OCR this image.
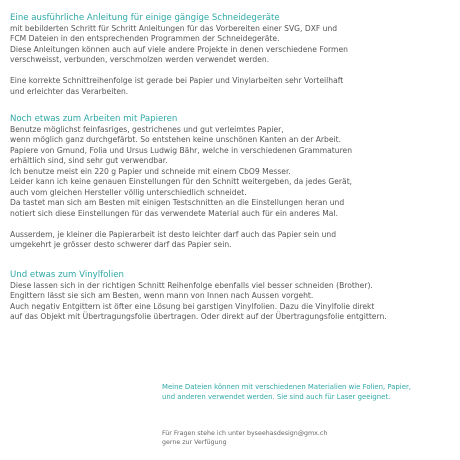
Eine ausführliche Anleitung für einige gängige Schneidegeräte

mit bebilderten Schritt für Schritt Anleitungen für das Vorbereiten einer SVG, DXF und

FCM Dateien in den entsprechenden Programmen der Schneidegeräte.

Diese Anleitungen können auch auf viele andere Projekte in denen verschiedene Formen

verschweisst, verbunden, verschmolzen werden verwendet werden.

Eine korrekte Schnittreihenfolge ist gerade bei Papier und Vinylarbeiten sehr Vorteilhaft

und erleichter das Verarbeiten.

Noch etwas zum Arbeiten mit Papieren

Benutze möglichst feinfasriges, gestrichenes und gut verleimtes Papier,

wenn möglich ganz durchgefärbt. So entstehen keine unschönen Kanten an der Arbeit.

Papiere von Gmund, Folia und Ursus Ludwig Bähr, welche in verschiedenen Grammaturen

erhältlich sind, sind sehr gut verwendbar.

Ich benutze meist ein 220 g Papier und schneide mit einem CbO9 Messer.

Leider kann ich keine genauen Einstellungen für den Schnitt weitergeben, da jedes Gerät,

auch vom gleichen Hersteller völlig unterschiedlich schneidet.

Da tastet man sich am Besten mit einigen Testschnitten an die Einstellungen heran und

notiert sich diese Einstellungen für das verwendete Material auch für ein anderes Mal.

Ausserdem, je kleiner die Papierarbeit ist desto leichter darf auch das Papier sein und

umgekehrt je grösser desto schwerer darf das Papier sein.

Und etwas zum Vinylfolien

Diese lassen sich in der richtigen Schnitt Reihenfolge ebenfalls viel besser schneiden (Brother).

Engittern lässt sie sich am Besten, wenn mann von Innen nach Aussen vorgeht.

Auch negativ Entgittern ist öfter eine Lösung bei garstigen Vinylfolien. Dazu die Vinylfolie direkt

auf das Objekt mit Übertragungsfolie übertragen. Oder direkt auf der Übertragungsfolie entgittern.

Meine Dateien können mit verschiedenen Materialien wie Folien, Papier,

und anderen verwendet werden. Sie sind auch für Laser geeignet.

Für Fragen stehe ich unter byseehasdesign@gmx.ch

gerne zur Verfügung
